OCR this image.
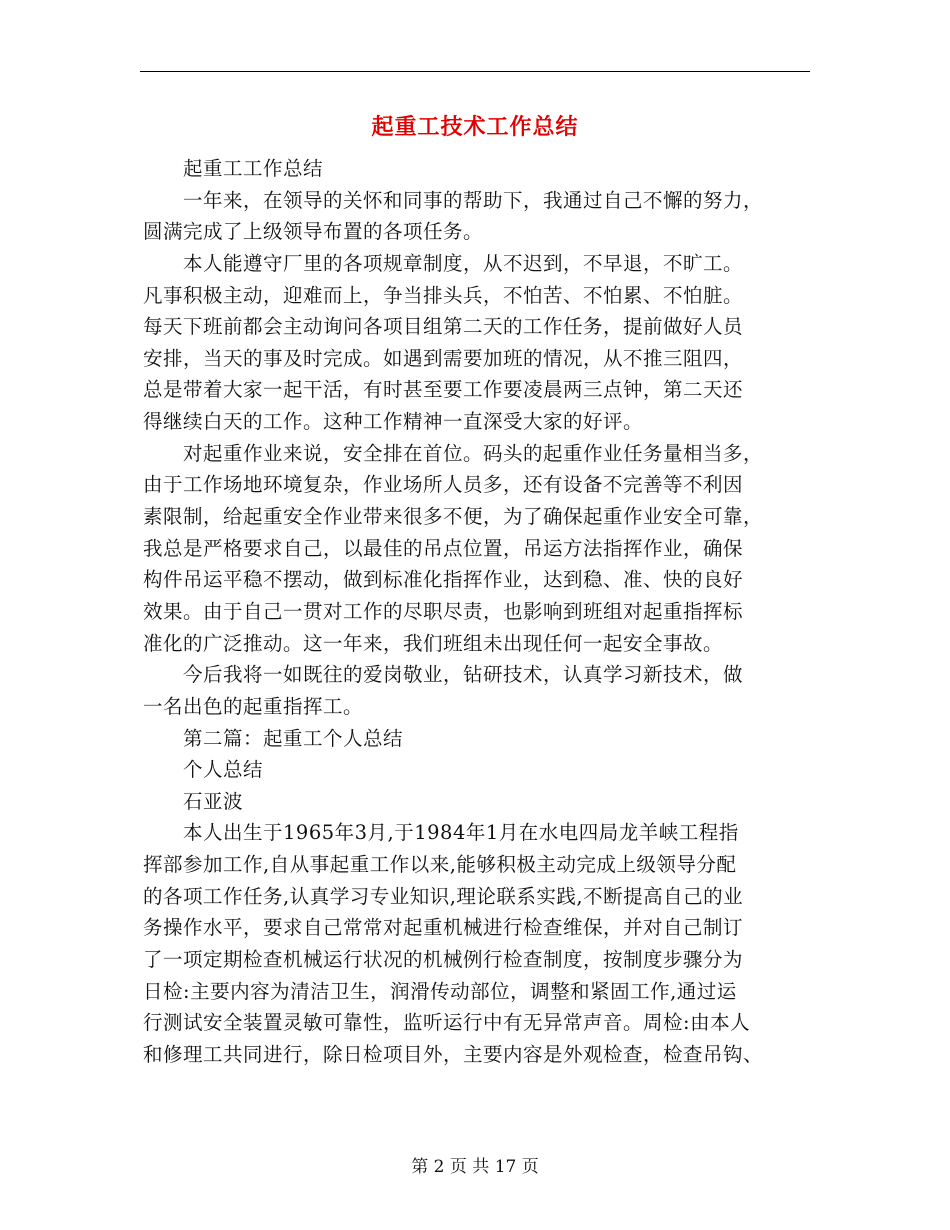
起重工技术工作总结
　　起重工工作总结
　　一年来，在领导的关怀和同事的帮助下，我通过自己不懈的努力，
圆满完成了上级领导布置的各项任务。
　　本人能遵守厂里的各项规章制度，从不迟到，不早退，不旷工。
凡事积极主动，迎难而上，争当排头兵，不怕苦、不怕累、不怕脏。
每天下班前都会主动询问各项目组第二天的工作任务，提前做好人员
安排，当天的事及时完成。如遇到需要加班的情况，从不推三阻四，
总是带着大家一起干活，有时甚至要工作要凌晨两三点钟，第二天还
得继续白天的工作。这种工作精神一直深受大家的好评。
　　对起重作业来说，安全排在首位。码头的起重作业任务量相当多，
由于工作场地环境复杂，作业场所人员多，还有设备不完善等不利因
素限制，给起重安全作业带来很多不便，为了确保起重作业安全可靠，
我总是严格要求自己，以最佳的吊点位置，吊运方法指挥作业，确保
构件吊运平稳不摆动，做到标准化指挥作业，达到稳、准、快的良好
效果。由于自己一贯对工作的尽职尽责，也影响到班组对起重指挥标
准化的广泛推动。这一年来，我们班组未出现任何一起安全事故。
　　今后我将一如既往的爱岗敬业，钻研技术，认真学习新技术，做
一名出色的起重指挥工。
　　第二篇：起重工个人总结
　　个人总结
　　石亚波
　　本人出生于1965年3月,于1984年1月在水电四局龙羊峡工程指
挥部参加工作,自从事起重工作以来,能够积极主动完成上级领导分配
的各项工作任务,认真学习专业知识,理论联系实践,不断提高自己的业
务操作水平，要求自己常常对起重机械进行检查维保，并对自己制订
了一项定期检查机械运行状况的机械例行检查制度，按制度步骤分为
日检:主要内容为清洁卫生，润滑传动部位，调整和紧固工作,通过运
行测试安全装置灵敏可靠性，监听运行中有无异常声音。周检:由本人
和修理工共同进行，除日检项目外，主要内容是外观检查，检查吊钩、
第 2 页 共 17 页
